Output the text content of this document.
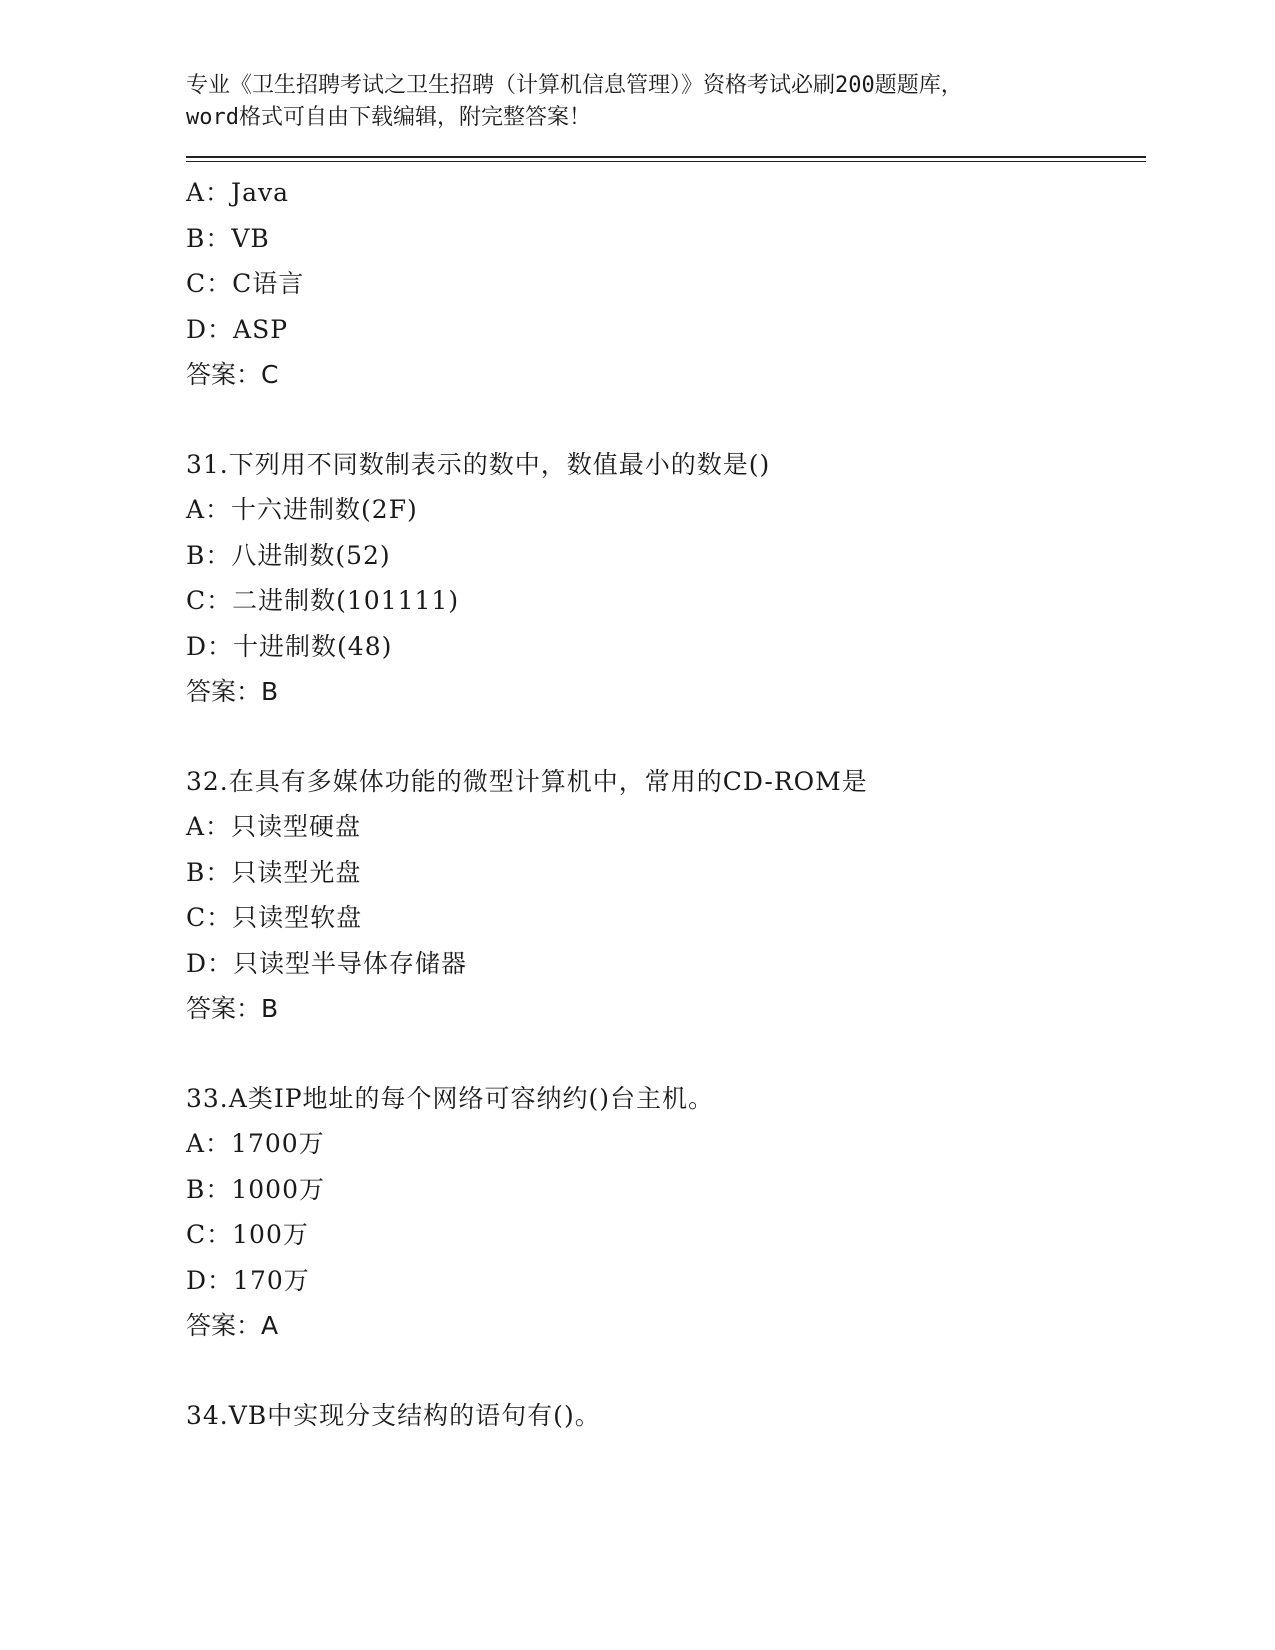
专业《卫生招聘考试之卫生招聘（计算机信息管理）》资格考试必刷200题题库，

word格式可自由下载编辑，附完整答案！

A：Java
B：VB
C：C语言
D：ASP
答案：C
31.下列用不同数制表示的数中，数值最小的数是()
A：十六进制数(2F)
B：八进制数(52)
C：二进制数(101111)
D：十进制数(48)
答案：B
32.在具有多媒体功能的微型计算机中，常用的CD-ROM是
A：只读型硬盘
B：只读型光盘
C：只读型软盘
D：只读型半导体存储器
答案：B
33.A类IP地址的每个网络可容纳约()台主机。
A：1700万
B：1000万
C：100万
D：170万
答案：A
34.VB中实现分支结构的语句有()。
